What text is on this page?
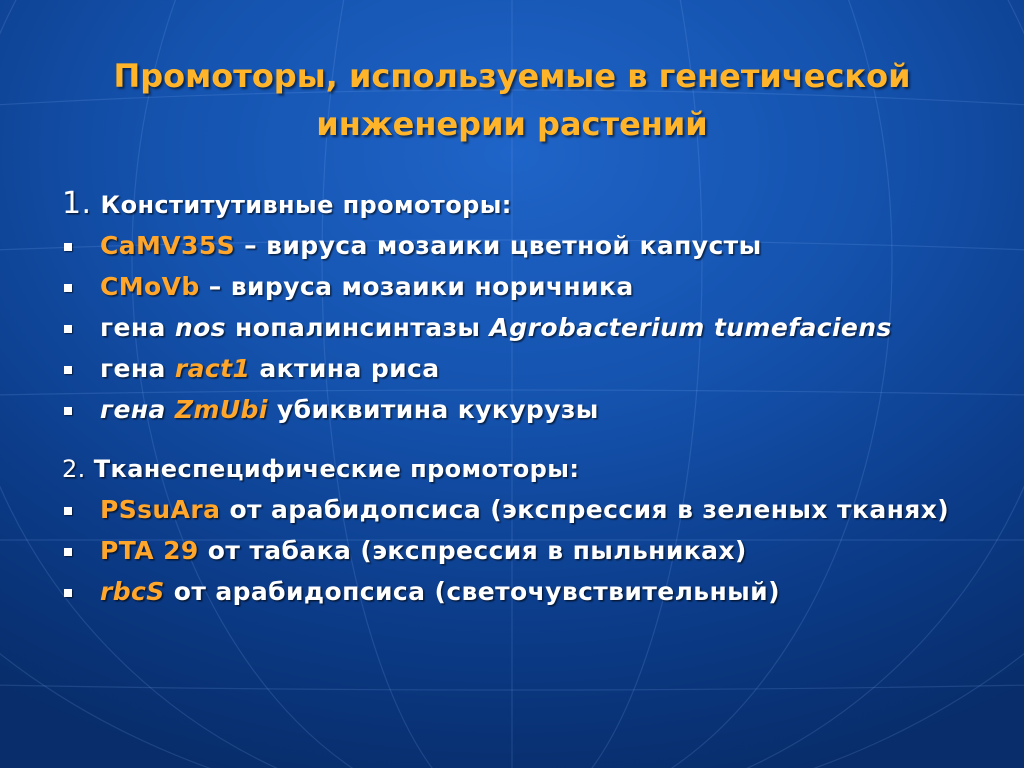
Промоторы, используемые в генетической
инженерии растений
1. Конститутивные промоторы:
CaMV35S – вируса мозаики цветной капусты
CMoVb – вируса мозаики норичника
гена nos нопалинсинтазы Agrobacterium tumefaciens
гена ract1 актина риса
гена ZmUbi убиквитина кукурузы
2. Тканеспецифические промоторы:
PSsuAra от арабидопсиса (экспрессия в зеленых тканях)
PTA 29 от табака (экспрессия в пыльниках)
rbcS от арабидопсиса (светочувствительный)
